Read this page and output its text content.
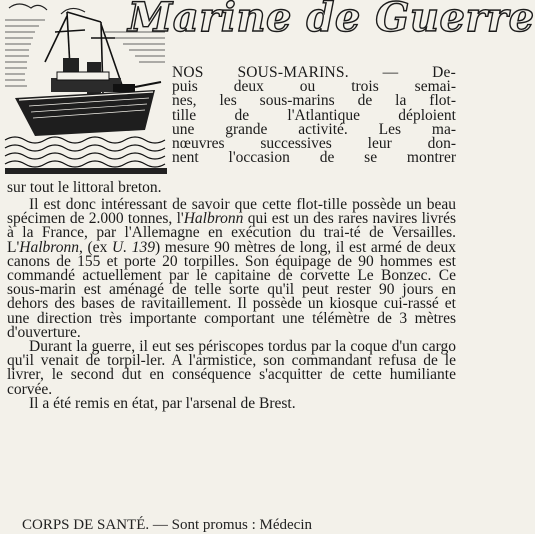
Marine de Guerre
NOS SOUS-MARINS. — De-
puis deux ou trois semai-
nes, les sous-marins de la flot-
tille de l'Atlantique déploient
une grande activité. Les ma-
nœuvres successives leur don-
nent l'occasion de se montrer
sur tout le littoral breton.

Il est donc intéressant de savoir que cette flot-tille possède un beau spécimen de 2.000 tonnes, l'Halbronn qui est un des rares navires livrés à la France, par l'Allemagne en exécution du trai-té de Versailles. L'Halbronn, (ex U. 139) mesure 90 mètres de long, il est armé de deux canons de 155 et porte 20 torpilles. Son équipage de 90 hommes est commandé actuellement par le capitaine de corvette Le Bonzec. Ce sous-marin est aménagé de telle sorte qu'il peut rester 90 jours en dehors des bases de ravitaillement. Il possède un kiosque cui-rassé et une direction très importante comportant une télémètre de 3 mètres d'ouverture.

Durant la guerre, il eut ses périscopes tordus par la coque d'un cargo qu'il venait de torpil-ler. A l'armistice, son commandant refusa de le livrer, le second dut en conséquence s'acquitter de cette humiliante corvée.

Il a été remis en état, par l'arsenal de Brest.

CORPS DE SANTÉ. — Sont promus : Médecin
